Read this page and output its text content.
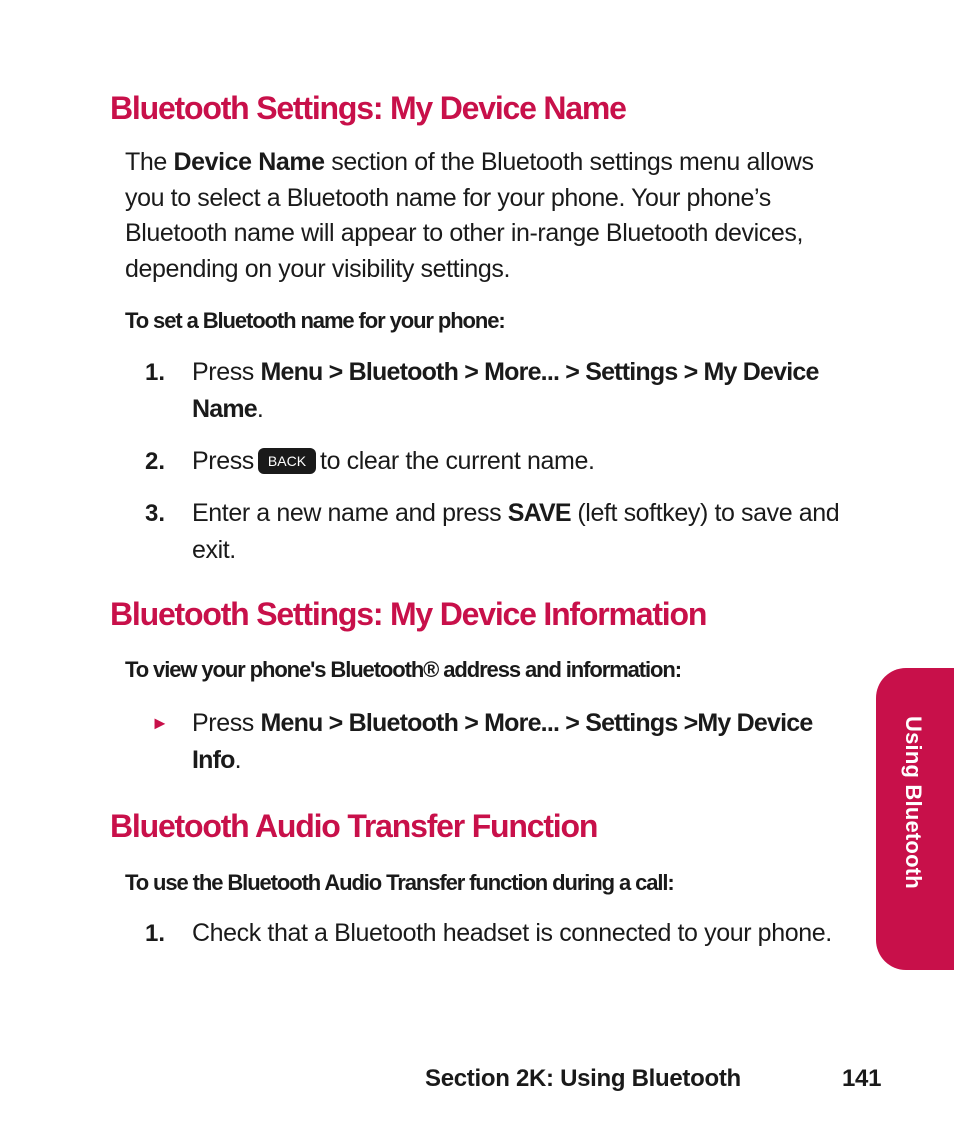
Bluetooth Settings: My Device Name

The Device Name section of the Bluetooth settings menu allows you to select a Bluetooth name for your phone. Your phone’s Bluetooth name will appear to other in-range Bluetooth devices, depending on your visibility settings.

To set a Bluetooth name for your phone:

1. Press Menu > Bluetooth > More... > Settings > My Device Name.
2. Press BACK to clear the current name.
3. Enter a new name and press SAVE (left softkey) to save and exit.
Bluetooth Settings: My Device Information

To view your phone's Bluetooth® address and information:

► Press Menu > Bluetooth > More... > Settings >My Device Info.
Bluetooth Audio Transfer Function

To use the Bluetooth Audio Transfer function during a call:

1. Check that a Bluetooth headset is connected to your phone.
Using Bluetooth

Section 2K: Using Bluetooth	141
